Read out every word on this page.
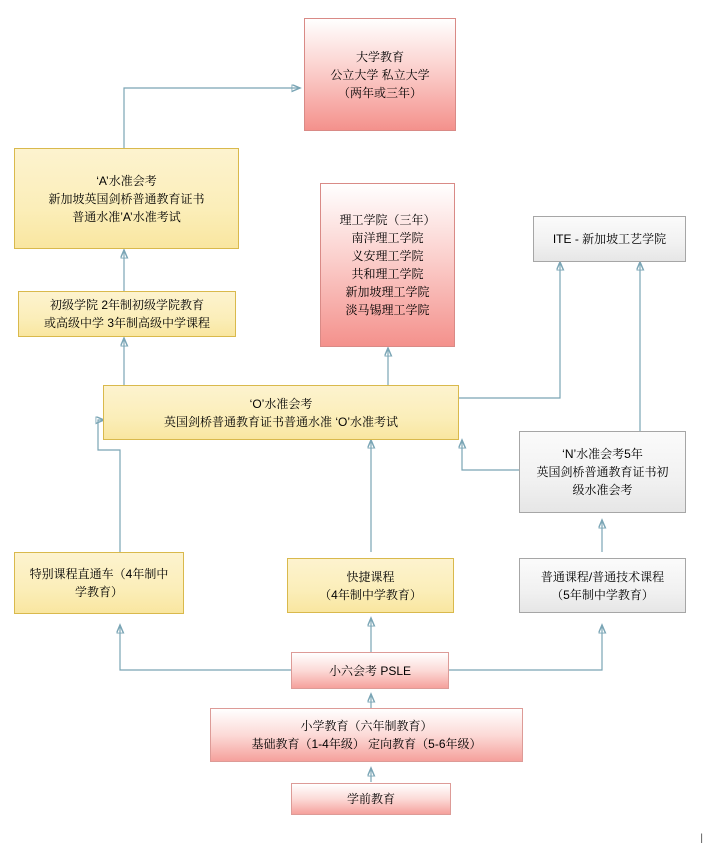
大学教育
公立大学 私立大学
（两年或三年）
‘A’水准会考
新加坡英国剑桥普通教育证书
普通水准’A’水准考试	理工学院（三年）
南洋理工学院
义安理工学院
共和理工学院
新加坡理工学院
淡马锡理工学院
ITE - 新加坡工艺学院
初级学院 2年制初级学院教育
或高级中学 3年制高级中学课程
‘O’水准会考
英国剑桥普通教育证书普通水准 ‘O’水准考试
‘N’水准会考5年
英国剑桥普通教育证书初
级水准会考
特别课程直通车（4年制中
学教育）
快捷课程
（4年制中学教育）
普通课程/普通技术课程
（5年制中学教育）
小六会考 PSLE
小学教育（六年制教育）
基础教育（1-4年级） 定向教育（5-6年级）
学前教育
|
